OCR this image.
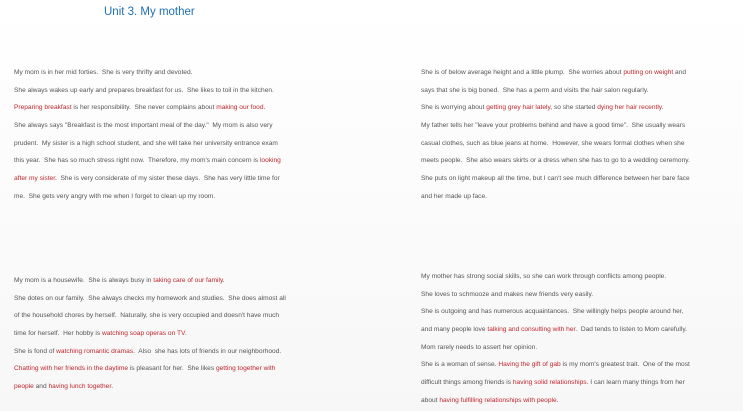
Unit 3. My mother
My mom is in her mid forties.  She is very thrifty and devoted.
She always wakes up early and prepares breakfast for us.  She likes to toil in the kitchen.
Preparing breakfast is her responsibility.  She never complains about making our food.
She always says "Breakfast is the most important meal of the day."  My mom is also very
prudent.  My sister is a high school student, and she will take her university entrance exam
this year.  She has so much stress right now.  Therefore, my mom's main concern is looking
after my sister.  She is very considerate of my sister these days.  She has very little time for
me.  She gets very angry with me when I forget to clean up my room.
She is of below average height and a little plump.  She worries about putting on weight and
says that she is big boned.  She has a perm and visits the hair salon regularly.
She is worrying about getting grey hair lately, so she started dying her hair recently.
My father tells her "leave your problems behind and have a good time".  She usually wears
casual clothes, such as blue jeans at home.  However, she wears formal clothes when she
meets people.  She also wears skirts or a dress when she has to go to a wedding ceremony.
She puts on light makeup all the time, but I can't see much difference between her bare face
and her made up face.
My mom is a housewife.  She is always busy in taking care of our family.
She dotes on our family.  She always checks my homework and studies.  She does almost all
of the household chores by herself.  Naturally, she is very occupied and doesn't have much
time for herself.  Her hobby is watching soap operas on TV.
She is fond of watching romantic dramas.  Also  she has lots of friends in our neighborhood.
Chatting with her friends in the daytime is pleasant for her.  She likes getting together with
people and having lunch together.
My mother has strong social skills, so she can work through conflicts among people.
She loves to schmooze and makes new friends very easily.
She is outgoing and has numerous acquaintances.  She willingly helps people around her,
and many people love talking and consulting with her.  Dad tends to listen to Mom carefully.
Mom rarely needs to assert her opinion.
She is a woman of sense. Having the gift of gab is my mom's greatest trait.  One of the most
difficult things among friends is having solid relationships. I can learn many things from her
about having fulfilling relationships with people.
